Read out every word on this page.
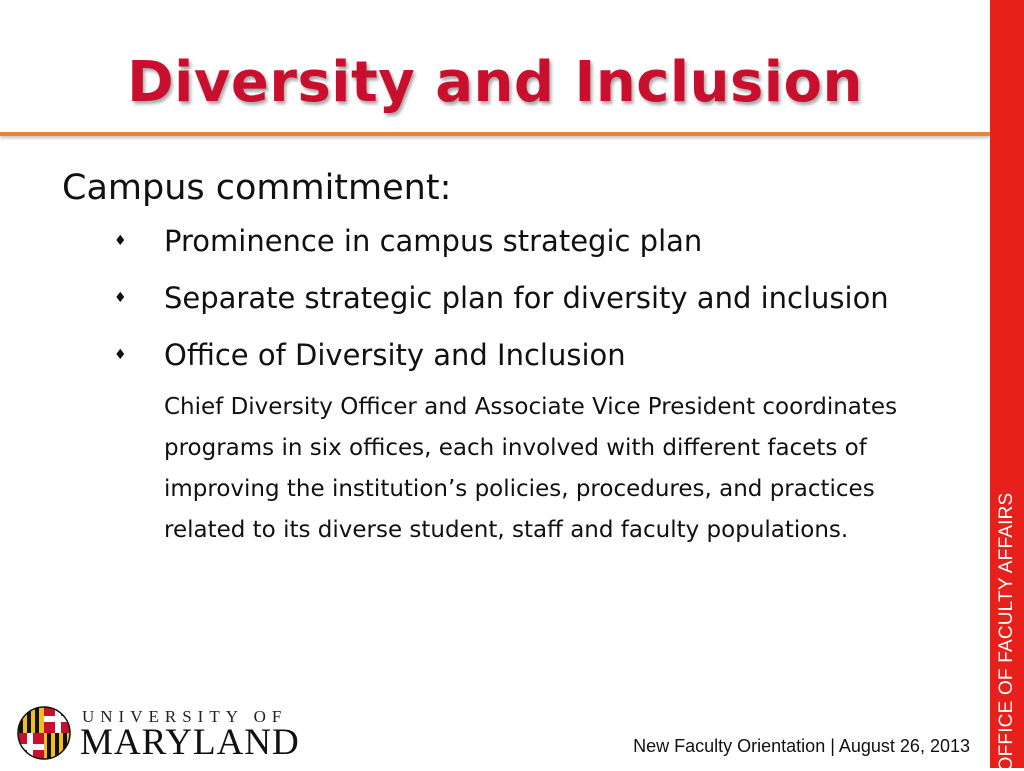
Diversity and Inclusion
Campus commitment:
♦ Prominence in campus strategic plan
♦ Separate strategic plan for diversity and inclusion
♦ Office of Diversity and Inclusion
Chief Diversity Officer and Associate Vice President coordinates programs in six offices, each involved with different facets of improving the institution’s policies, procedures, and practices related to its diverse student, staff and faculty populations.
UNIVERSITY OF
MARYLAND	New Faculty Orientation | August 26, 2013 OFFICE OF FACULTY AFFAIRS
